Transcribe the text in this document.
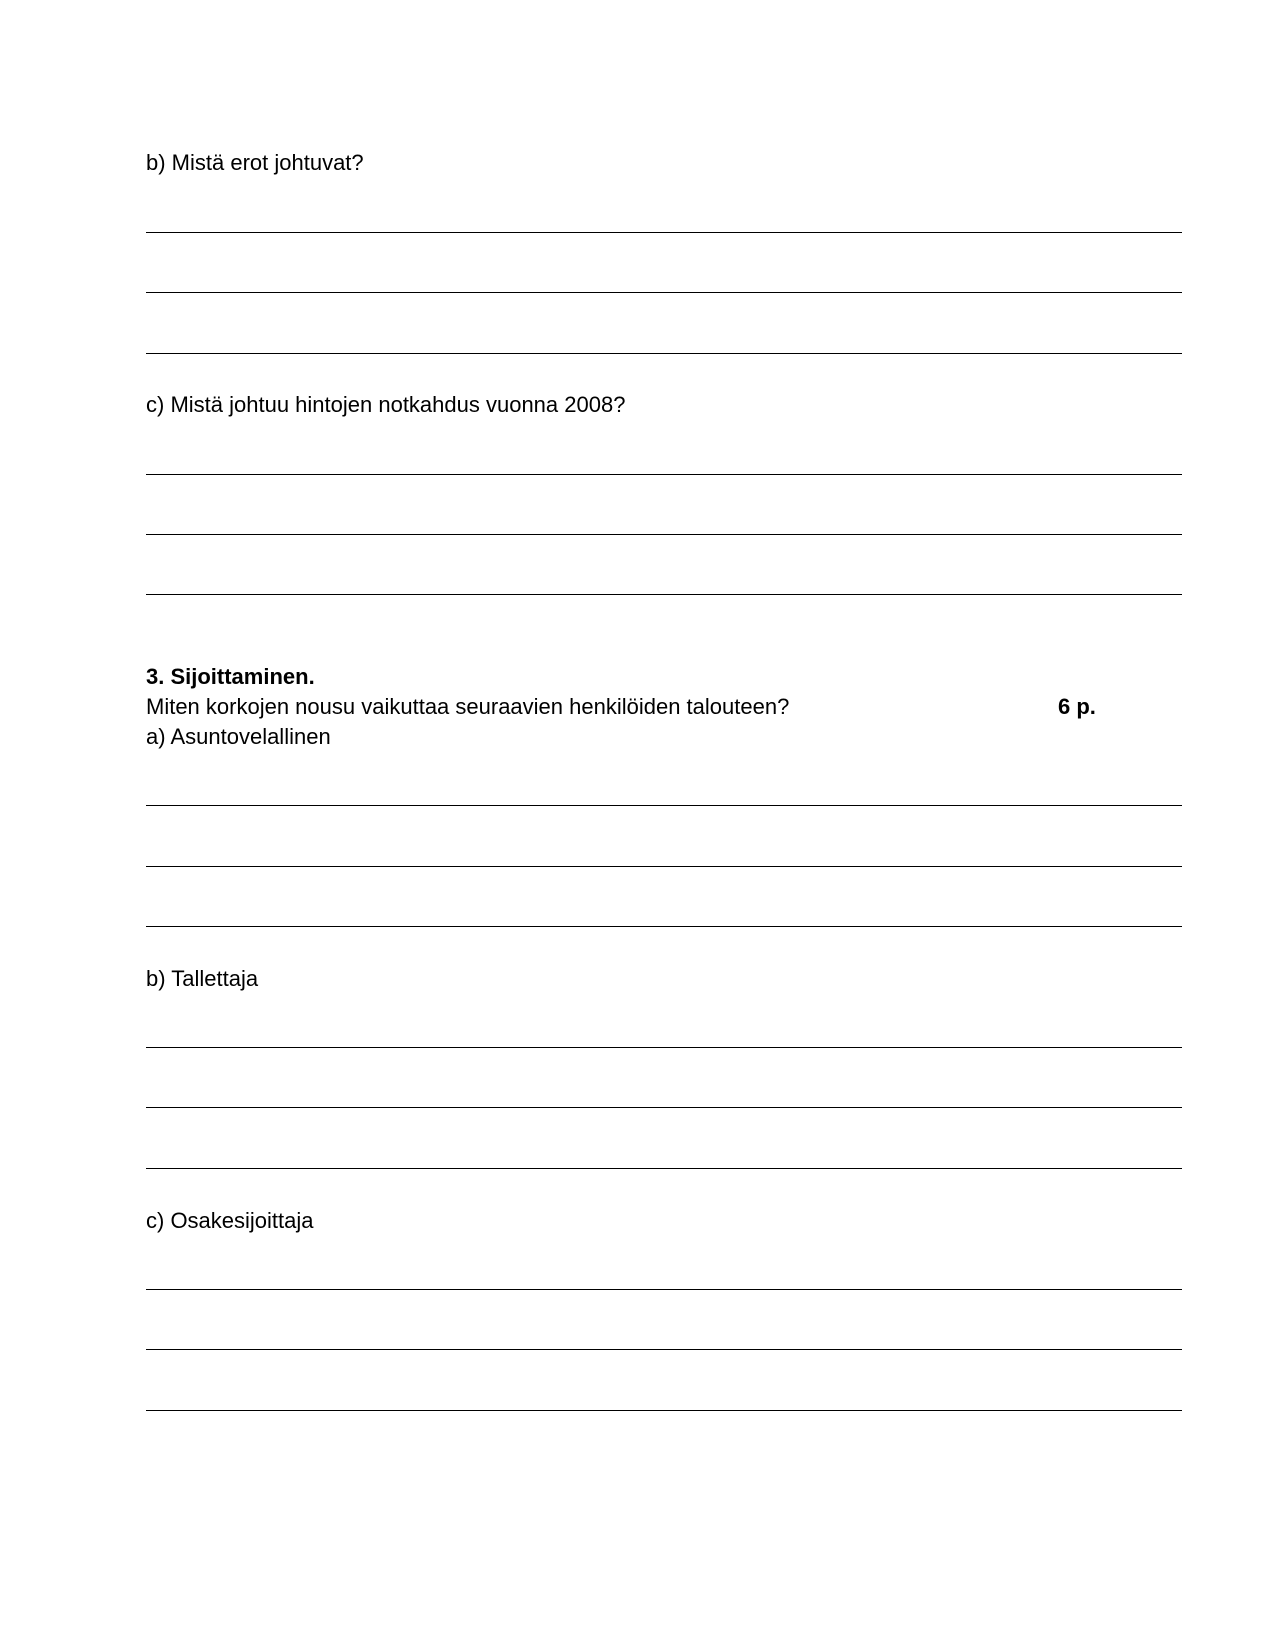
b) Mistä erot johtuvat?
c) Mistä johtuu hintojen notkahdus vuonna 2008?
3. Sijoittaminen.
Miten korkojen nousu vaikuttaa seuraavien henkilöiden talouteen?	6 p.
a) Asuntovelallinen
b) Tallettaja
c) Osakesijoittaja
